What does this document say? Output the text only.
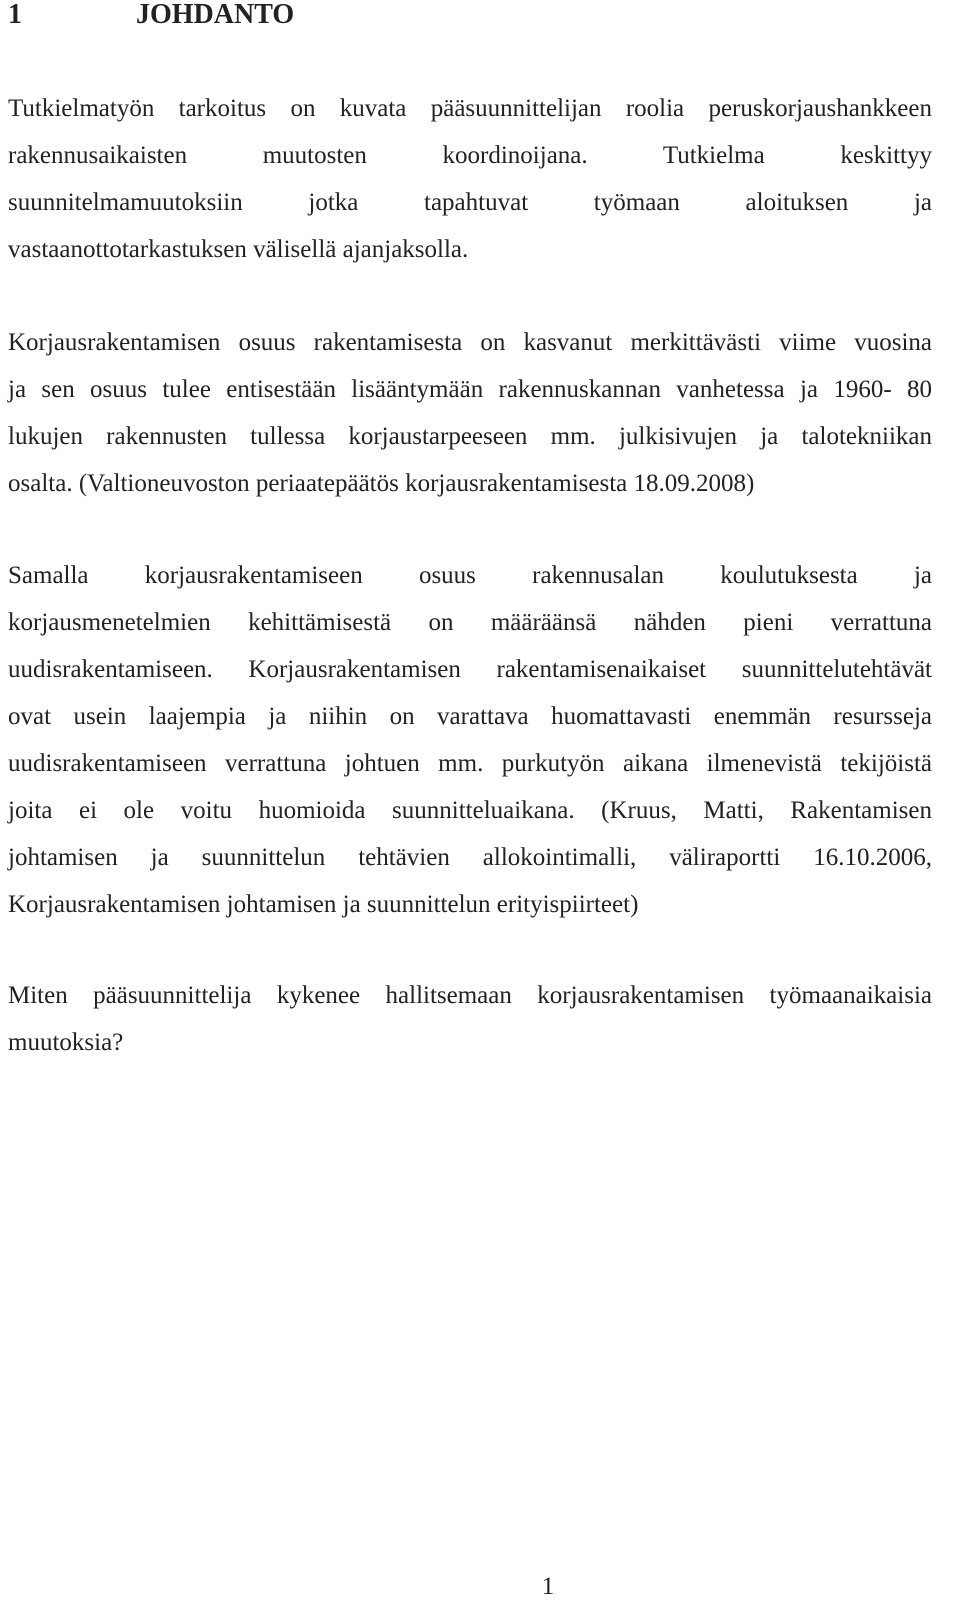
1	JOHDANTO

Tutkielmatyön tarkoitus on kuvata pääsuunnittelijan roolia peruskorjaushankkeen
rakennusaikaisten muutosten koordinoijana. Tutkielma keskittyy
suunnitelmamuutoksiin jotka tapahtuvat työmaan aloituksen ja
vastaanottotarkastuksen välisellä ajanjaksolla.

Korjausrakentamisen osuus rakentamisesta on kasvanut merkittävästi viime vuosina
ja sen osuus tulee entisestään lisääntymään rakennuskannan vanhetessa ja 1960- 80
lukujen rakennusten tullessa korjaustarpeeseen mm. julkisivujen ja talotekniikan
osalta. (Valtioneuvoston periaatepäätös korjausrakentamisesta 18.09.2008)

Samalla korjausrakentamiseen osuus rakennusalan koulutuksesta ja
korjausmenetelmien kehittämisestä on määräänsä nähden pieni verrattuna
uudisrakentamiseen. Korjausrakentamisen rakentamisenaikaiset suunnittelutehtävät
ovat usein laajempia ja niihin on varattava huomattavasti enemmän resursseja
uudisrakentamiseen verrattuna johtuen mm. purkutyön aikana ilmenevistä tekijöistä
joita ei ole voitu huomioida suunnitteluaikana. (Kruus, Matti, Rakentamisen
johtamisen ja suunnittelun tehtävien allokointimalli, väliraportti 16.10.2006,
Korjausrakentamisen johtamisen ja suunnittelun erityispiirteet)

Miten pääsuunnittelija kykenee hallitsemaan korjausrakentamisen työmaanaikaisia
muutoksia?

1
